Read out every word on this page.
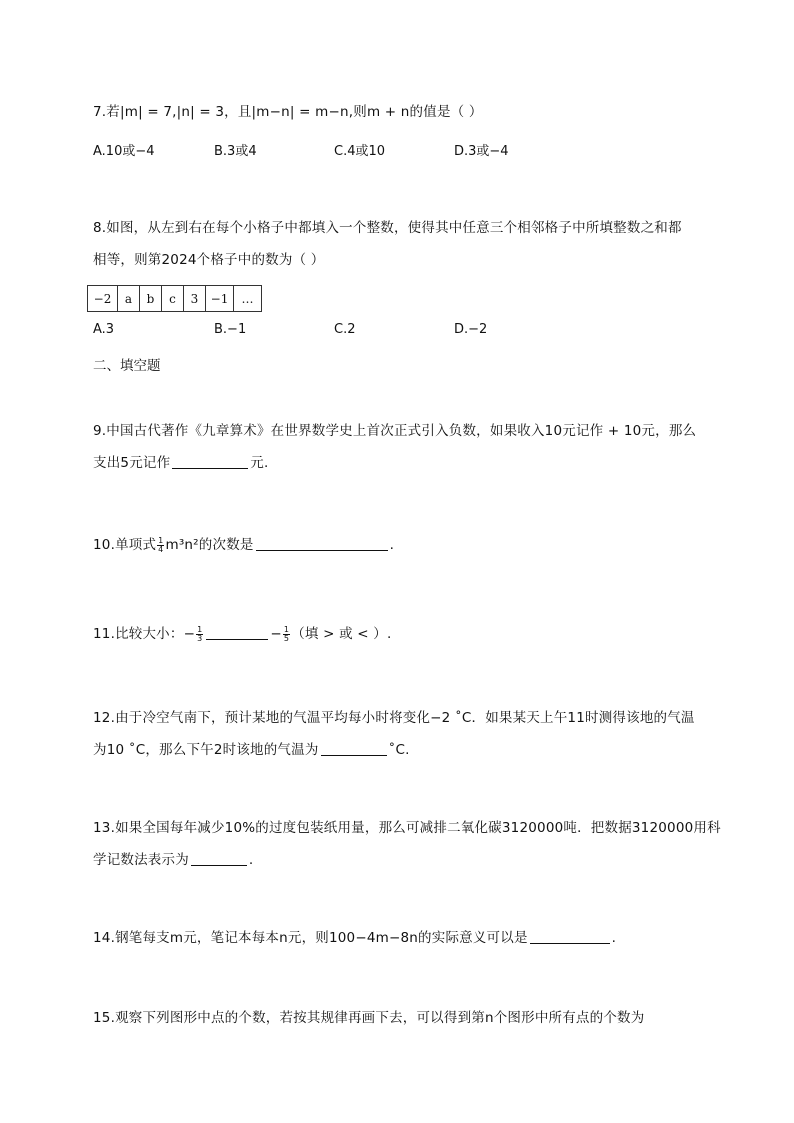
7.若|m| = 7,|n| = 3，且|m−n| = m−n,则m + n的值是（ ）
A.10或−4	B.3或4	C.4或10	D.3或−4
8.如图，从左到右在每个小格子中都填入一个整数，使得其中任意三个相邻格子中所填整数之和都
相等，则第2024个格子中的数为（ ）
−2	a	b	c	3	−1	…
A.3	B.−1	C.2	D.−2
二、填空题
9.中国古代著作《九章算术》在世界数学史上首次正式引入负数，如果收入10元记作 + 10元，那么
支出5元记作	元.
10.单项式 $\frac{1}{4} m^3n^2$的次数是	.
11.比较大小：− $\frac{1}{3}$	− $\frac{1}{5}$ （填 > 或 < ）.
12.由于冷空气南下，预计某地的气温平均每小时将变化−2 ˚C．如果某天上午11时测得该地的气温
为10 ˚C，那么下午2时该地的气温为	˚C.
13.如果全国每年减少10%的过度包装纸用量，那么可减排二氧化碳3120000吨．把数据3120000用科
学记数法表示为	.
14.钢笔每支m元，笔记本每本n元，则100−4m−8n的实际意义可以是	.
15.观察下列图形中点的个数，若按其规律再画下去，可以得到第n个图形中所有点的个数为
